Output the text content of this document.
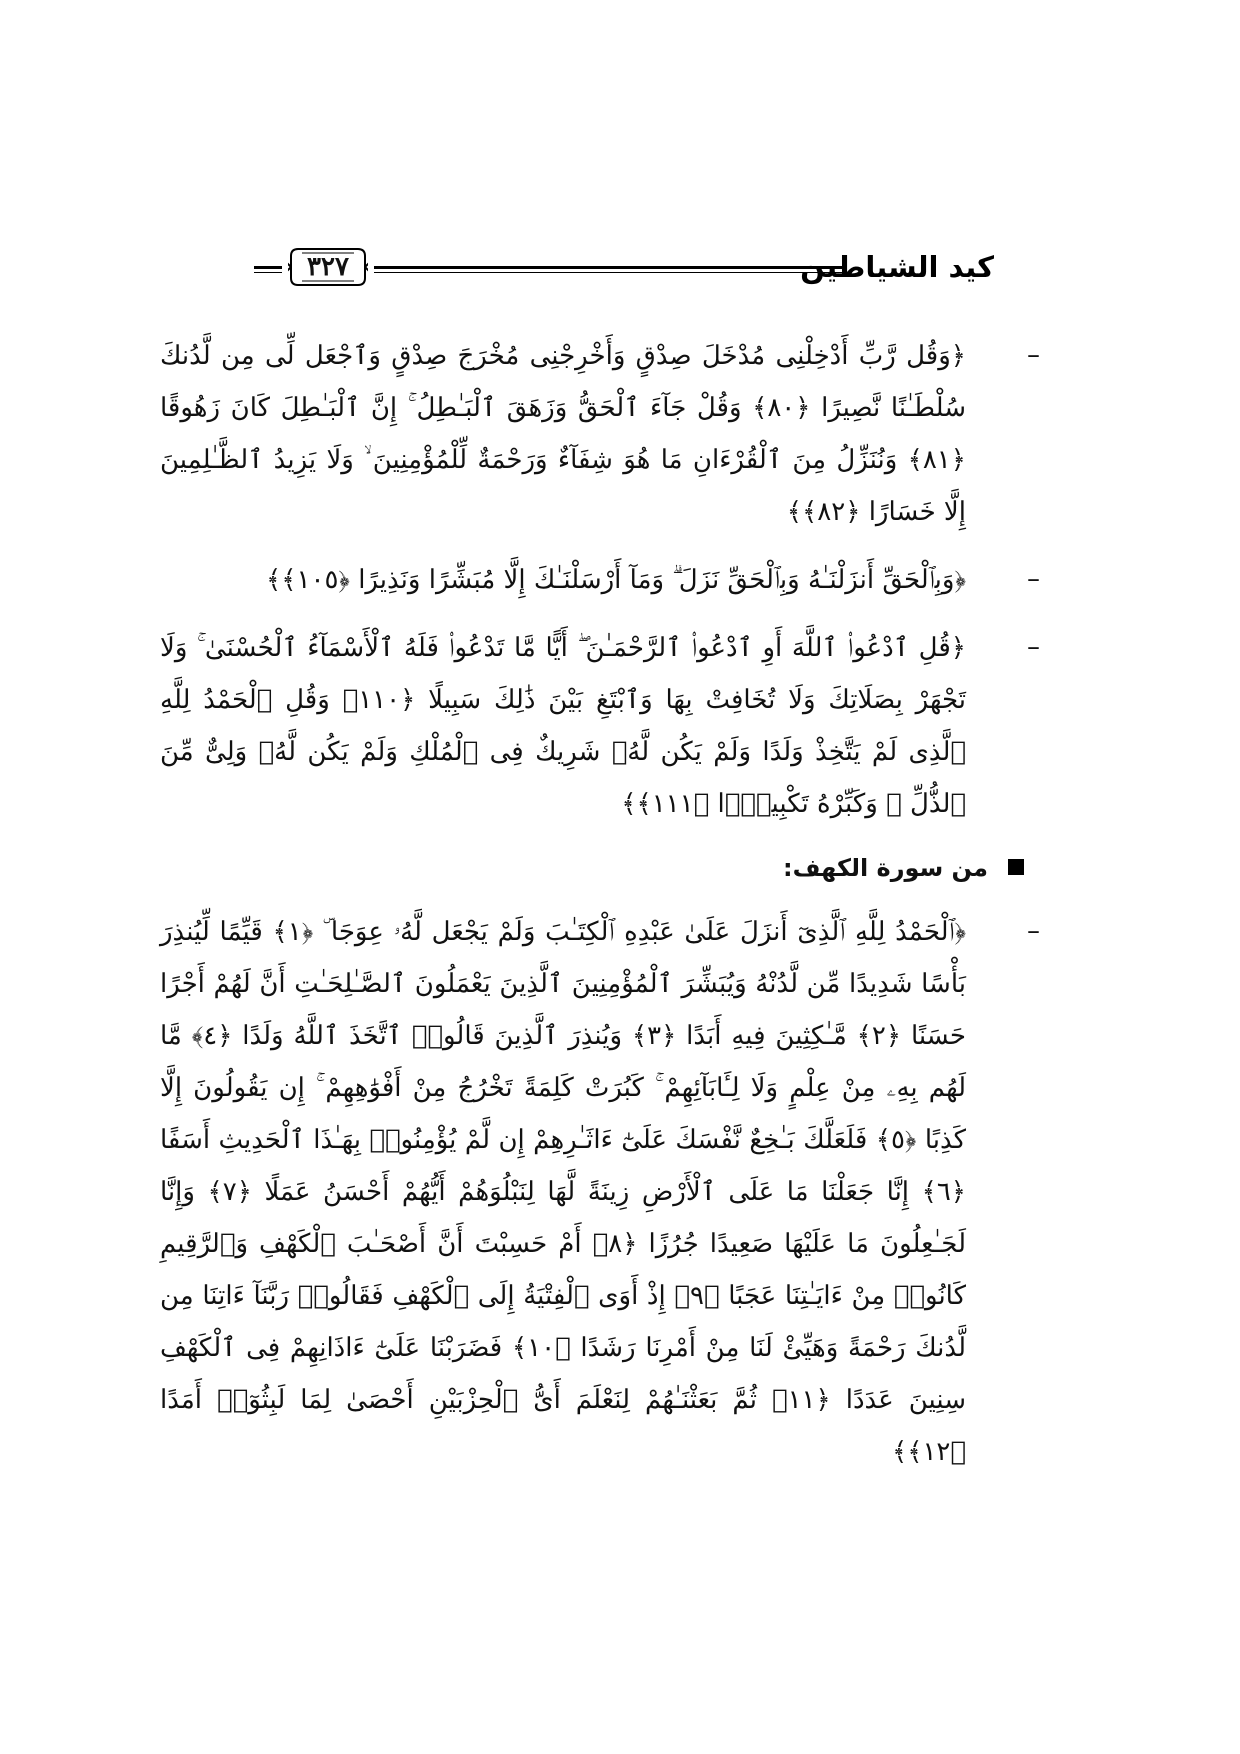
كيد الشياطين
٣٢٧
–

﴿وَقُل رَّبِّ أَدْخِلْنِى مُدْخَلَ صِدْقٍ وَأَخْرِجْنِى مُخْرَجَ صِدْقٍ وَٱجْعَل لِّى مِن لَّدُنكَ سُلْطَـٰنًا نَّصِيرًا ﴿٨٠﴾ وَقُلْ جَآءَ ٱلْحَقُّ وَزَهَقَ ٱلْبَـٰطِلُ ۚ إِنَّ ٱلْبَـٰطِلَ كَانَ زَهُوقًا ﴿٨١﴾ وَنُنَزِّلُ مِنَ ٱلْقُرْءَانِ مَا هُوَ شِفَآءٌ وَرَحْمَةٌ لِّلْمُؤْمِنِينَ ۙ وَلَا يَزِيدُ ٱلظَّـٰلِمِينَ إِلَّا خَسَارًا ﴿٨٢﴾﴾

–

﴿وَبِٱلْحَقِّ أَنزَلْنَـٰهُ وَبِٱلْحَقِّ نَزَلَ ۗ وَمَآ أَرْسَلْنَـٰكَ إِلَّا مُبَشِّرًا وَنَذِيرًا ﴿١٠٥﴾﴾

–

﴿قُلِ ٱدْعُوا۟ ٱللَّهَ أَوِ ٱدْعُوا۟ ٱلرَّحْمَـٰنَ ۖ أَيًّا مَّا تَدْعُوا۟ فَلَهُ ٱلْأَسْمَآءُ ٱلْحُسْنَىٰ ۚ وَلَا تَجْهَرْ بِصَلَاتِكَ وَلَا تُخَافِتْ بِهَا وَٱبْتَغِ بَيْنَ ذَٰلِكَ سَبِيلًا ﴿١١٠﴾ وَقُلِ ٱلْحَمْدُ لِلَّهِ ٱلَّذِى لَمْ يَتَّخِذْ وَلَدًا وَلَمْ يَكُن لَّهُۥ شَرِيكٌ فِى ٱلْمُلْكِ وَلَمْ يَكُن لَّهُۥ وَلِىٌّ مِّنَ ٱلذُّلِّ ۖ وَكَبِّرْهُ تَكْبِيرًۢا ﴿١١١﴾﴾

من سورة الكهف:
–

﴿ٱلْحَمْدُ لِلَّهِ ٱلَّذِىٓ أَنزَلَ عَلَىٰ عَبْدِهِ ٱلْكِتَـٰبَ وَلَمْ يَجْعَل لَّهُۥ عِوَجَا ۜ ﴿١﴾ قَيِّمًا لِّيُنذِرَ بَأْسًا شَدِيدًا مِّن لَّدُنْهُ وَيُبَشِّرَ ٱلْمُؤْمِنِينَ ٱلَّذِينَ يَعْمَلُونَ ٱلصَّـٰلِحَـٰتِ أَنَّ لَهُمْ أَجْرًا حَسَنًا ﴿٢﴾ مَّـٰكِثِينَ فِيهِ أَبَدًا ﴿٣﴾ وَيُنذِرَ ٱلَّذِينَ قَالُوا۟ ٱتَّخَذَ ٱللَّهُ وَلَدًا ﴿٤﴾ مَّا لَهُم بِهِۦ مِنْ عِلْمٍ وَلَا لِـَٔابَآئِهِمْ ۚ كَبُرَتْ كَلِمَةً تَخْرُجُ مِنْ أَفْوَٰهِهِمْ ۚ إِن يَقُولُونَ إِلَّا كَذِبًا ﴿٥﴾ فَلَعَلَّكَ بَـٰخِعٌ نَّفْسَكَ عَلَىٰٓ ءَاثَـٰرِهِمْ إِن لَّمْ يُؤْمِنُوا۟ بِهَـٰذَا ٱلْحَدِيثِ أَسَفًا ﴿٦﴾ إِنَّا جَعَلْنَا مَا عَلَى ٱلْأَرْضِ زِينَةً لَّهَا لِنَبْلُوَهُمْ أَيُّهُمْ أَحْسَنُ عَمَلًا ﴿٧﴾ وَإِنَّا لَجَـٰعِلُونَ مَا عَلَيْهَا صَعِيدًا جُرُزًا ﴿٨﴾ أَمْ حَسِبْتَ أَنَّ أَصْحَـٰبَ ٱلْكَهْفِ وَٱلرَّقِيمِ كَانُوا۟ مِنْ ءَايَـٰتِنَا عَجَبًا ﴿٩﴾ إِذْ أَوَى ٱلْفِتْيَةُ إِلَى ٱلْكَهْفِ فَقَالُوا۟ رَبَّنَآ ءَاتِنَا مِن لَّدُنكَ رَحْمَةً وَهَيِّئْ لَنَا مِنْ أَمْرِنَا رَشَدًا ﴿١٠﴾ فَضَرَبْنَا عَلَىٰٓ ءَاذَانِهِمْ فِى ٱلْكَهْفِ سِنِينَ عَدَدًا ﴿١١﴾ ثُمَّ بَعَثْنَـٰهُمْ لِنَعْلَمَ أَىُّ ٱلْحِزْبَيْنِ أَحْصَىٰ لِمَا لَبِثُوٓا۟ أَمَدًا ﴿١٢﴾﴾
